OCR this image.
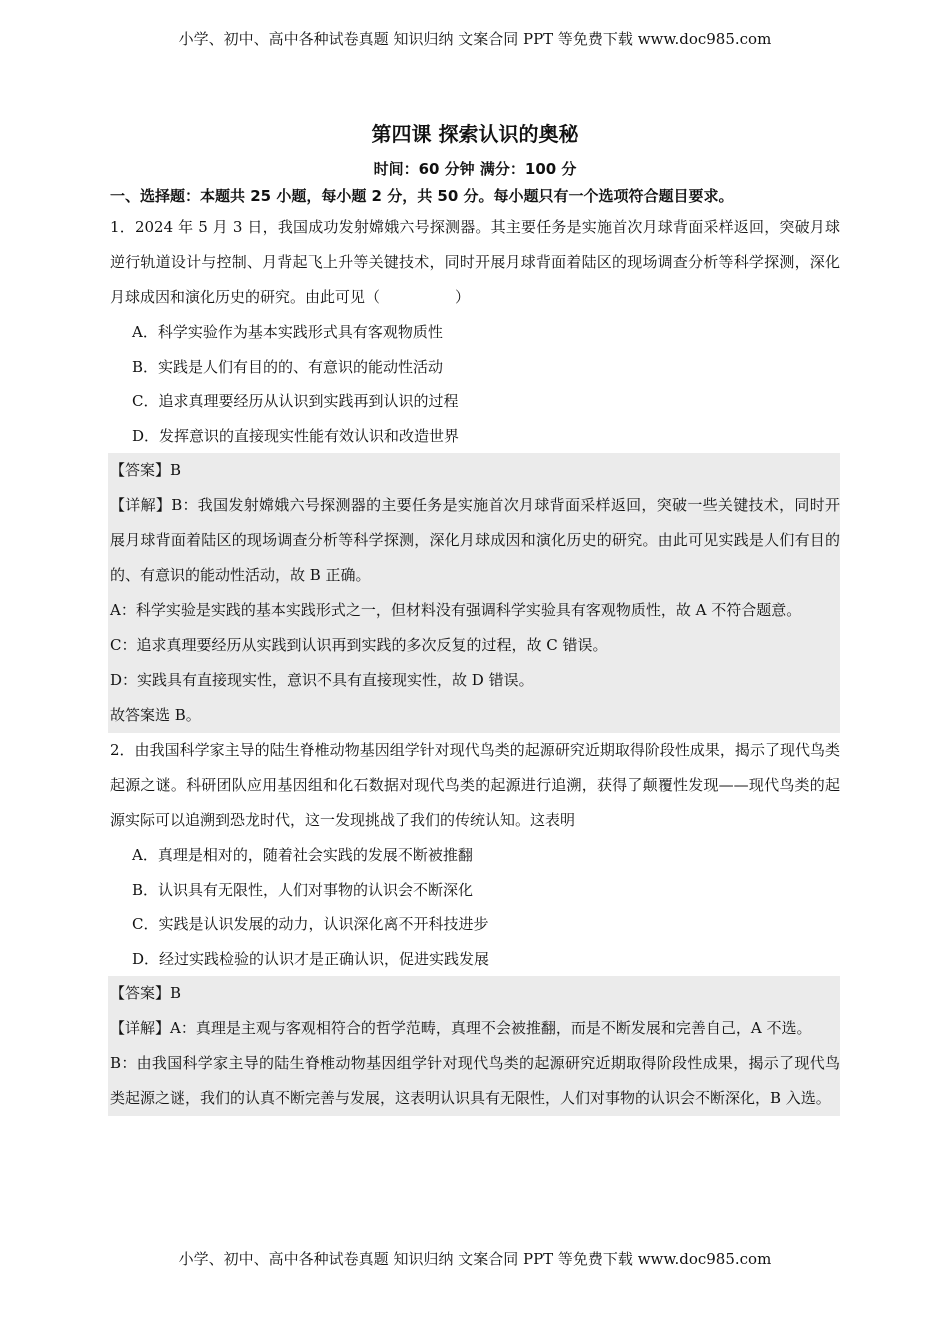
小学、初中、高中各种试卷真题 知识归纳 文案合同 PPT 等免费下载 www.doc985.com
第四课 探索认识的奥秘
时间：60 分钟 满分：100 分
一、选择题：本题共 25 小题，每小题 2 分，共 50 分。每小题只有一个选项符合题目要求。
1．2024 年 5 月 3 日，我国成功发射嫦娥六号探测器。其主要任务是实施首次月球背面采样返回，突破月球逆行轨道设计与控制、月背起飞上升等关键技术，同时开展月球背面着陆区的现场调查分析等科学探测，深化月球成因和演化历史的研究。由此可见（　　　　　）
A．科学实验作为基本实践形式具有客观物质性
B．实践是人们有目的的、有意识的能动性活动
C．追求真理要经历从认识到实践再到认识的过程
D．发挥意识的直接现实性能有效认识和改造世界

【答案】B

【详解】B：我国发射嫦娥六号探测器的主要任务是实施首次月球背面采样返回，突破一些关键技术，同时开展月球背面着陆区的现场调查分析等科学探测，深化月球成因和演化历史的研究。由此可见实践是人们有目的的、有意识的能动性活动，故 B 正确。

A：科学实验是实践的基本实践形式之一，但材料没有强调科学实验具有客观物质性，故 A 不符合题意。

C：追求真理要经历从实践到认识再到实践的多次反复的过程，故 C 错误。

D：实践具有直接现实性，意识不具有直接现实性，故 D 错误。

故答案选 B。

2．由我国科学家主导的陆生脊椎动物基因组学针对现代鸟类的起源研究近期取得阶段性成果，揭示了现代鸟类起源之谜。科研团队应用基因组和化石数据对现代鸟类的起源进行追溯，获得了颠覆性发现——现代鸟类的起源实际可以追溯到恐龙时代，这一发现挑战了我们的传统认知。这表明
A．真理是相对的，随着社会实践的发展不断被推翻
B．认识具有无限性，人们对事物的认识会不断深化
C．实践是认识发展的动力，认识深化离不开科技进步
D．经过实践检验的认识才是正确认识，促进实践发展

【答案】B

【详解】A：真理是主观与客观相符合的哲学范畴，真理不会被推翻，而是不断发展和完善自己，A 不选。

B：由我国科学家主导的陆生脊椎动物基因组学针对现代鸟类的起源研究近期取得阶段性成果，揭示了现代鸟类起源之谜，我们的认真不断完善与发展，这表明认识具有无限性，人们对事物的认识会不断深化，B 入选。

小学、初中、高中各种试卷真题 知识归纳 文案合同 PPT 等免费下载 www.doc985.com
